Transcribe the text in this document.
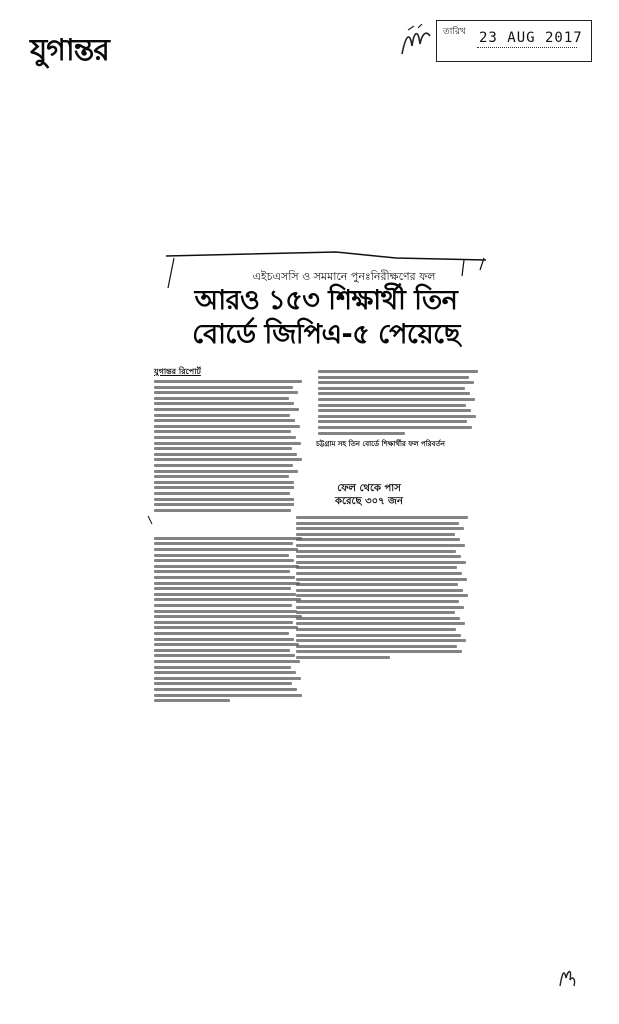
যুগান্তর
তারিখ 23 AUG 2017
এইচএসসি ও সমমানে পুনঃনিরীক্ষণের ফল
আরও ১৫৩ শিক্ষার্থী তিন
বোর্ডে জিপিএ-৫ পেয়েছে
যুগান্তর রিপোর্ট
চট্টগ্রাম সহ তিন বোর্ডে শিক্ষার্থীর ফল পরিবর্তন
ফেল থেকে পাস
করেছে ৩০৭ জন
